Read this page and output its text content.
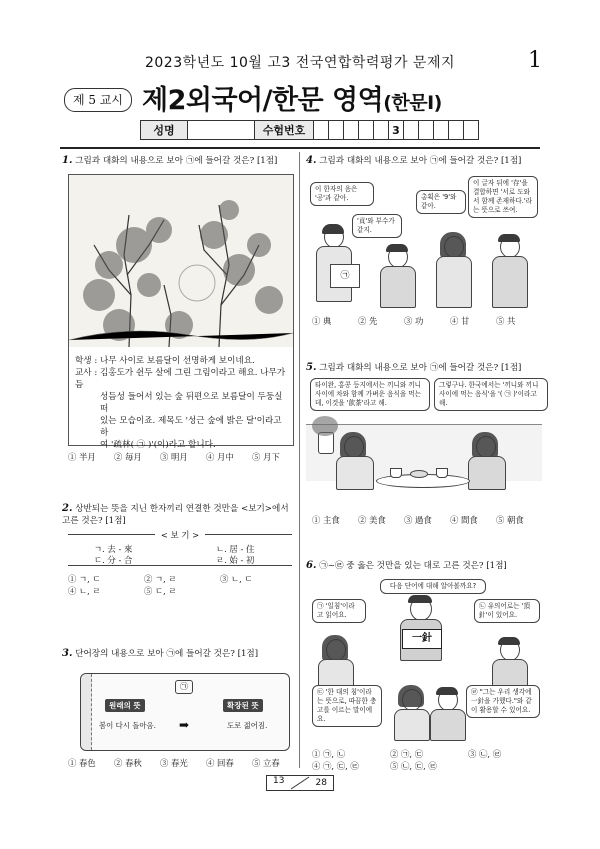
2023학년도 10월 고3 전국연합학력평가 문제지	1
제 5 교시 제2외국어/한문 영역(한문Ⅰ)
성명		수험번호						3					
1. 그림과 대화의 내용으로 보아 ㉠에 들어갈 것은? [1점]
학생 : 나무 사이로 보름달이 선명하게 보이네요.
교사 : 김홍도가 쉰두 살에 그린 그림이라고 해요. 나무가 듬
성듬성 들어서 있는 숲 뒤편으로 보름달이 두둥실 떠
있는 모습이죠. 제목도 '성근 숲에 밝은 달'이라고 하
여 '疏林( ㉠ )'(이)라고 합니다.
① 半月	② 毎月	③ 明月	④ 月中	⑤ 月下
2. 상반되는 뜻을 지닌 한자끼리 연결한 것만을 <보기>에서 고른 것은? [1점]
< 보 기 >
ㄱ. 去 - 來	ㄴ. 居 - 住
ㄷ. 分 - 合	ㄹ. 始 - 初
① ㄱ, ㄷ	② ㄱ, ㄹ	③ ㄴ, ㄷ
④ ㄴ, ㄹ	⑤ ㄷ, ㄹ
3. 단어장의 내용으로 보아 ㉠에 들어갈 것은? [1점]
㉠
원래의 뜻	확장된 뜻
봄이 다시 돌아옴. ➡	도로 젊어짐.
① 春色	② 春秋	③ 春光	④ 回春	⑤ 立春
4. 그림과 대화의 내용으로 보아 ㉠에 들어갈 것은? [1점]
이 한자의 음은 '공'과 같아.
'貢'와 부수가 같지.
총획은 '9'와 같아.
이 글자 뒤에 '存'을 결합하면 '서로 도와서 함께 존재하다.'라는 뜻으로 쓰여.
㉠
① 典	② 先	③ 功	④ 甘	⑤ 共
5. 그림과 대화의 내용으로 보아 ㉠에 들어갈 것은? [1점]
타이완, 홍콩 등지에서는 끼니와 끼니 사이에 차와 함께 가벼운 음식을 먹는데, 이것을 '飮茶'라고 해.
그렇구나. 한국에서는 '끼니와 끼니 사이에 먹는 음식'을 '( ㉠ )'이라고 해.
① 主食	② 美食	③ 過食	④ 間食	⑤ 朝食
6. ㉠~㉣ 중 옳은 것만을 있는 대로 고른 것은? [1점]
다음 단어에 대해 알아볼까요?
㉠ '일침'이라고 읽어요.
㉡ 유의어로는 '頂針'이 있어요.
一針
㉢ '한 대의 침'이라는 뜻으로, 따끔한 충고를 이르는 말이에요.
㉣ "그는 우리 생각에 一針을 가했다."와 같이 활용할 수 있어요.
① ㉠, ㉡	② ㉠, ㉢	③ ㉡, ㉣
④ ㉠, ㉢, ㉣	⑤ ㉡, ㉢, ㉣
13	28
